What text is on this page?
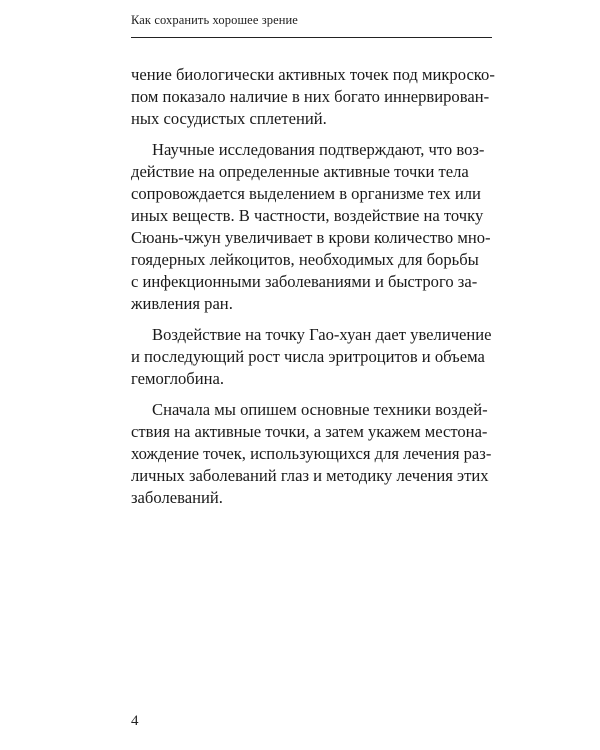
Как сохранить хорошее зрение

чение биологически активных точек под микроско-
пом показало наличие в них богато иннервирован-
ных сосудистых сплетений.

Научные исследования подтверждают, что воз-
действие на определенные активные точки тела
сопровождается выделением в организме тех или
иных веществ. В частности, воздействие на точку
Сюань-чжун увеличивает в крови количество мно-
гоядерных лейкоцитов, необходимых для борьбы
с инфекционными заболеваниями и быстрого за-
живления ран.

Воздействие на точку Гао-хуан дает увеличение
и последующий рост числа эритроцитов и объема
гемоглобина.

Сначала мы опишем основные техники воздей-
ствия на активные точки, а затем укажем местона-
хождение точек, использующихся для лечения раз-
личных заболеваний глаз и методику лечения этих
заболеваний.

4
